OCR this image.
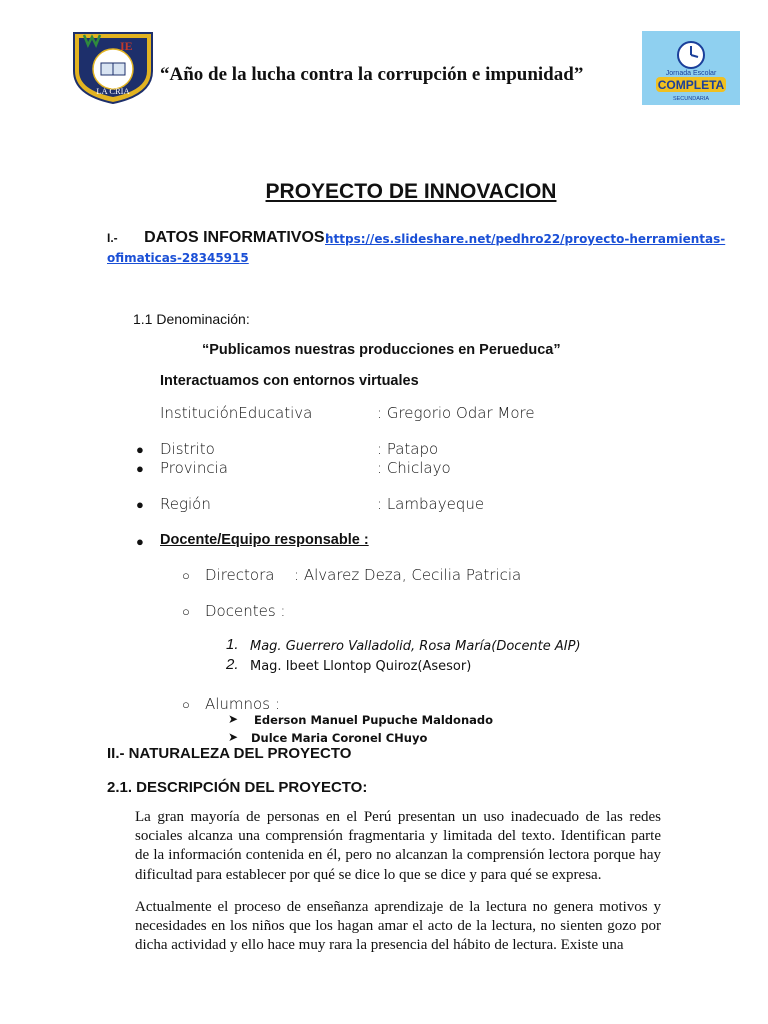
IE
LA CRIA
Jornada Escolar
COMPLETA
SECUNDARIA
“Año de la lucha contra la corrupción e impunidad”
PROYECTO DE INNOVACION
I.- DATOS INFORMATIVOS:
https://es.slideshare.net/pedhro22/proyecto-herramientas-
ofimaticas-28345915
1.1 Denominación:
“Publicamos nuestras producciones en Perueduca”
Interactuamos con entornos virtuales
InstituciónEducativa	: Gregorio Odar More
● Distrito	: Patapo
● Provincia	: Chiclayo
● Región	: Lambayeque
● Docente/Equipo responsable :
○ Directora : Alvarez Deza, Cecilia Patricia
○ Docentes :
1. Mag. Guerrero Valladolid, Rosa María(Docente AIP)
2. Mag. Ibeet Llontop Quiroz(Asesor)
○ Alumnos :
➤ Ederson Manuel Pupuche Maldonado
➤ Dulce Maria Coronel CHuyo
II.- NATURALEZA DEL PROYECTO
2.1. DESCRIPCIÓN DEL PROYECTO:
La gran mayoría de personas en el Perú presentan un uso inadecuado de las redes sociales alcanza una comprensión fragmentaria y limitada del texto. Identifican parte de la información contenida en él, pero no alcanzan la comprensión lectora porque hay dificultad para establecer por qué se dice lo que se dice y para qué se expresa.
Actualmente el proceso de enseñanza aprendizaje de la lectura no genera motivos y necesidades en los niños que los hagan amar el acto de la lectura, no sienten gozo por dicha actividad y ello hace muy rara la presencia del hábito de lectura. Existe una
